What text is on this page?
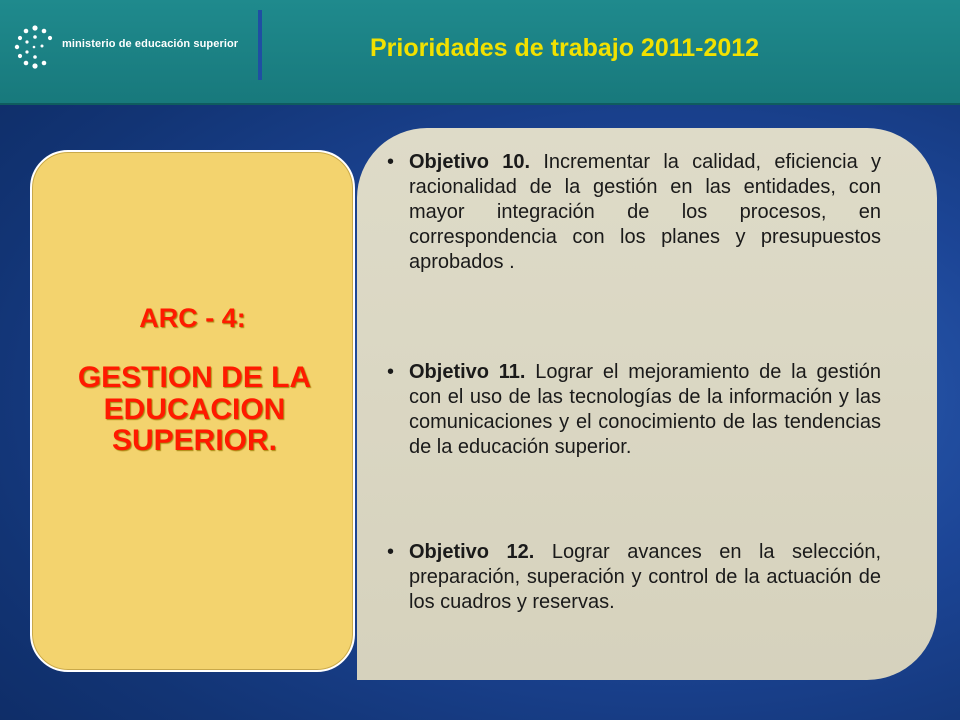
ministerio de educación superior	Prioridades de trabajo 2011-2012
ARC - 4:
GESTION DE LA EDUCACION SUPERIOR.
• Objetivo 10. Incrementar la calidad, eficiencia y racionalidad de la gestión en las entidades, con mayor integración de los procesos, en correspondencia con los planes y presupuestos aprobados .
• Objetivo 11. Lograr el mejoramiento de la gestión con el uso de las tecnologías de la información y las comunicaciones y el conocimiento de las tendencias de la educación superior.
• Objetivo 12. Lograr avances en la selección, preparación, superación y control de la actuación de los cuadros y reservas.
